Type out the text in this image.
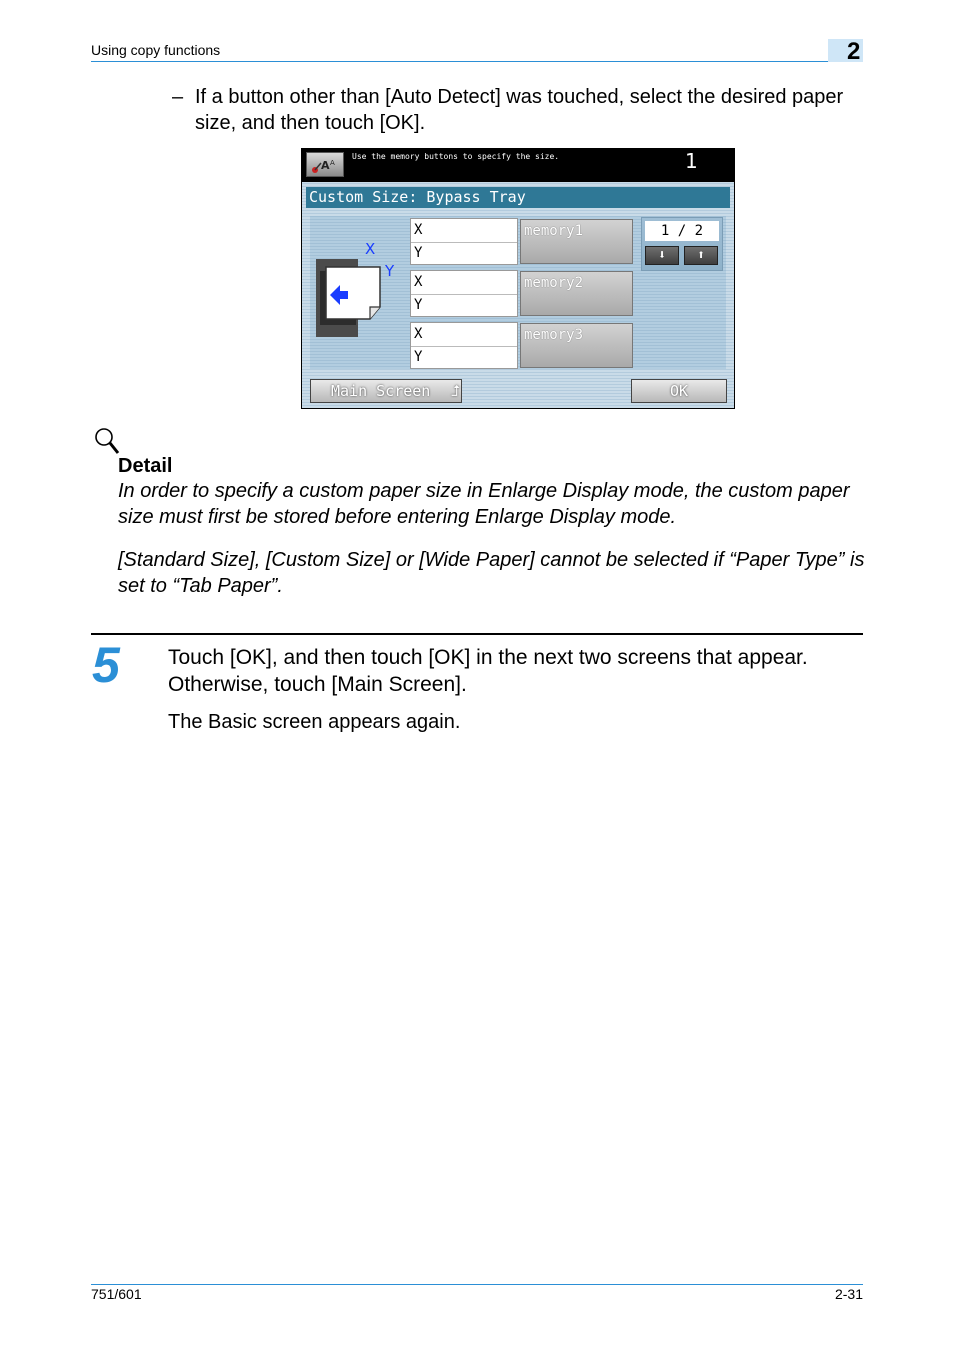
Using copy functions	2
– If a button other than [Auto Detect] was touched, select the desired paper size, and then touch [OK].
A A
Use the memory buttons to specify the size.	1
Custom Size: Bypass Tray
X
Y
X
Y
memory1
X
Y
memory2
X
Y
memory3
1 / 2
⬇	⬆
Main Screen ⮥	OK
Detail
In order to specify a custom paper size in Enlarge Display mode, the custom paper size must first be stored before entering Enlarge Display mode.
[Standard Size], [Custom Size] or [Wide Paper] cannot be selected if “Paper Type” is set to “Tab Paper”.
5 Touch [OK], and then touch [OK] in the next two screens that appear. Otherwise, touch [Main Screen].
The Basic screen appears again.
751/601	2-31
